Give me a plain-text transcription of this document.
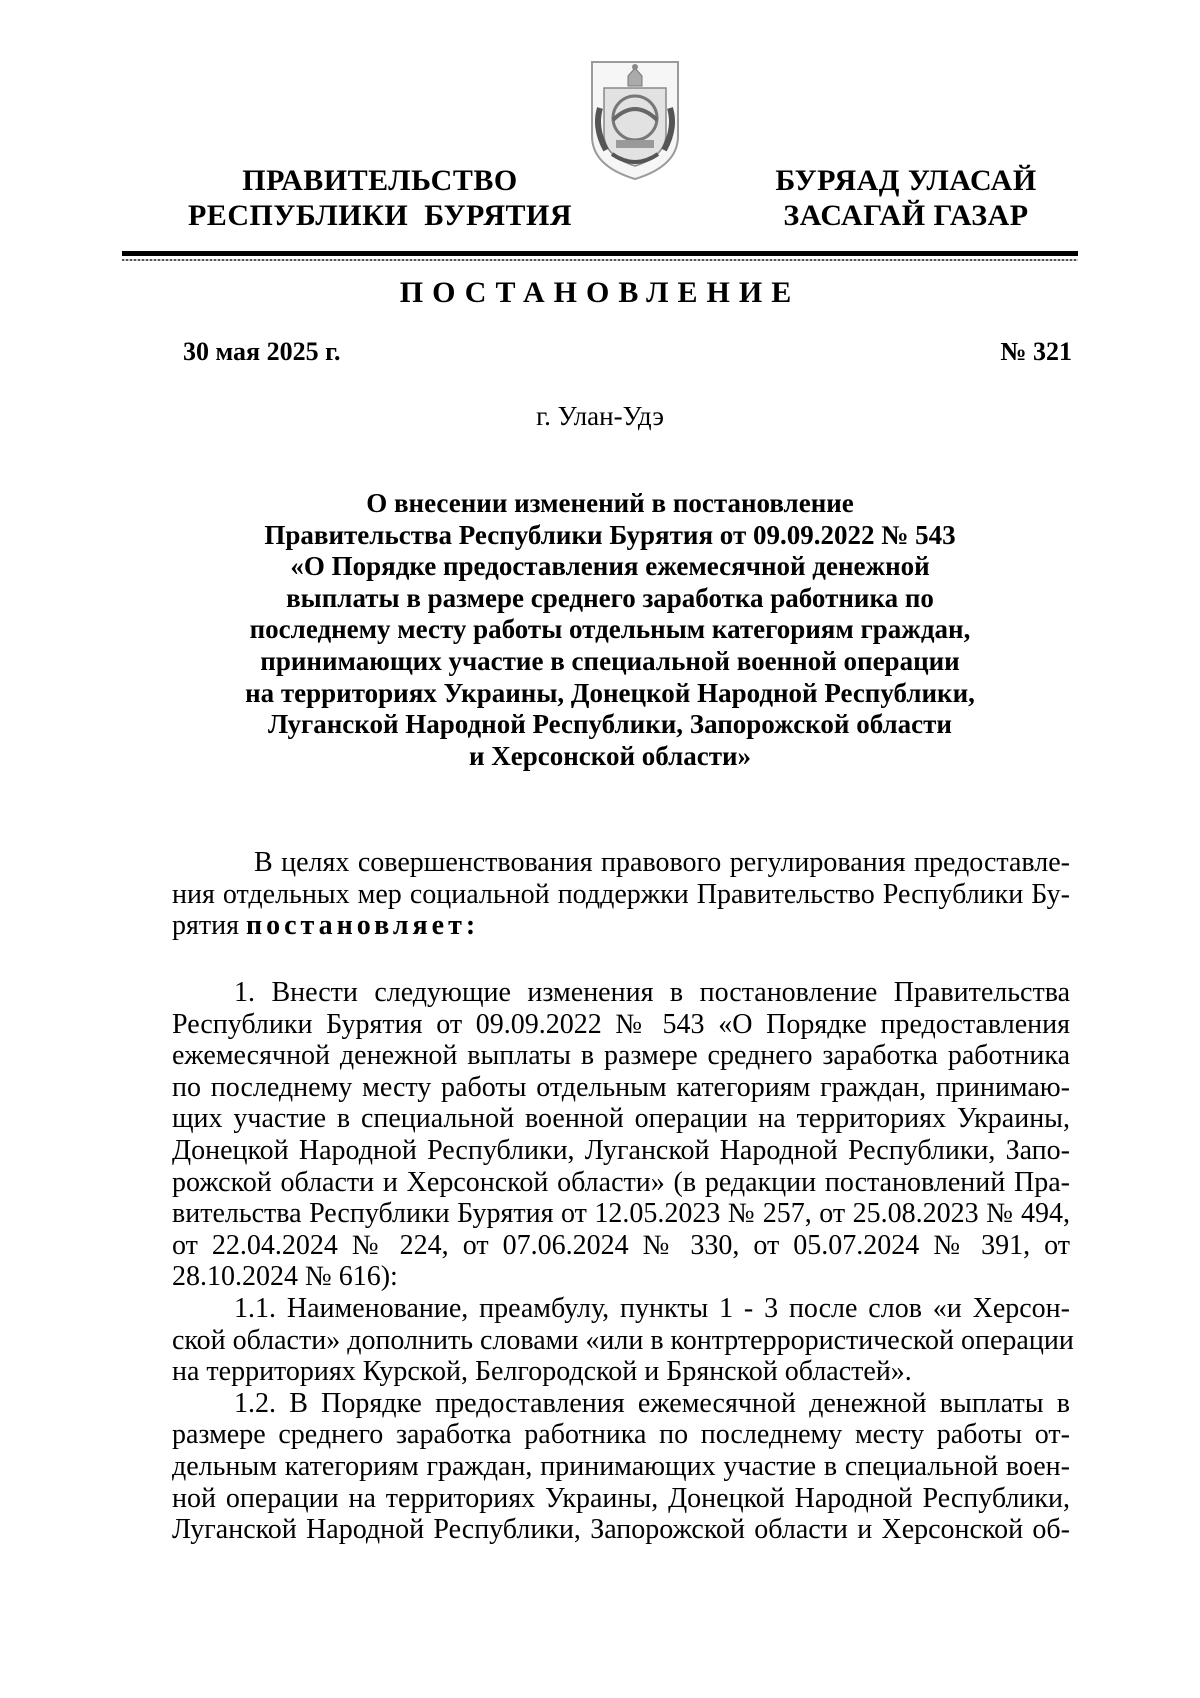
ПРАВИТЕЛЬСТВО
РЕСПУБЛИКИ  БУРЯТИЯ
БУРЯАД УЛАСАЙ
ЗАСАГАЙ ГАЗАР
ПОСТАНОВЛЕНИЕ
30 мая 2025 г.	№ 321
г. Улан-Удэ
О внесении изменений в постановление
Правительства Республики Бурятия от 09.09.2022 № 543
«О Порядке предоставления ежемесячной денежной
выплаты в размере среднего заработка работника по
последнему месту работы отдельным категориям граждан,
принимающих участие в специальной военной операции
на территориях Украины, Донецкой Народной Республики,
Луганской Народной Республики, Запорожской области
и Херсонской области»
В целях совершенствования правового регулирования предоставле-
ния отдельных мер социальной поддержки Правительство Республики Бу-
рятия постановляет:
1. Внести следующие изменения в постановление Правительства
Республики Бурятия от 09.09.2022 № 543 «О Порядке предоставления
ежемесячной денежной выплаты в размере среднего заработка работника
по последнему месту работы отдельным категориям граждан, принимаю-
щих участие в специальной военной операции на территориях Украины,
Донецкой Народной Республики, Луганской Народной Республики, Запо-
рожской области и Херсонской области» (в редакции постановлений Пра-
вительства Республики Бурятия от 12.05.2023 № 257, от 25.08.2023 № 494,
от 22.04.2024 № 224, от 07.06.2024 № 330, от 05.07.2024 № 391, от
28.10.2024 № 616):
1.1. Наименование, преамбулу, пункты 1 - 3 после слов «и Херсон-
ской области» дополнить словами «или в контртеррористической операции
на территориях Курской, Белгородской и Брянской областей».
1.2. В Порядке предоставления ежемесячной денежной выплаты в
размере среднего заработка работника по последнему месту работы от-
дельным категориям граждан, принимающих участие в специальной воен-
ной операции на территориях Украины, Донецкой Народной Республики,
Луганской Народной Республики, Запорожской области и Херсонской об-
